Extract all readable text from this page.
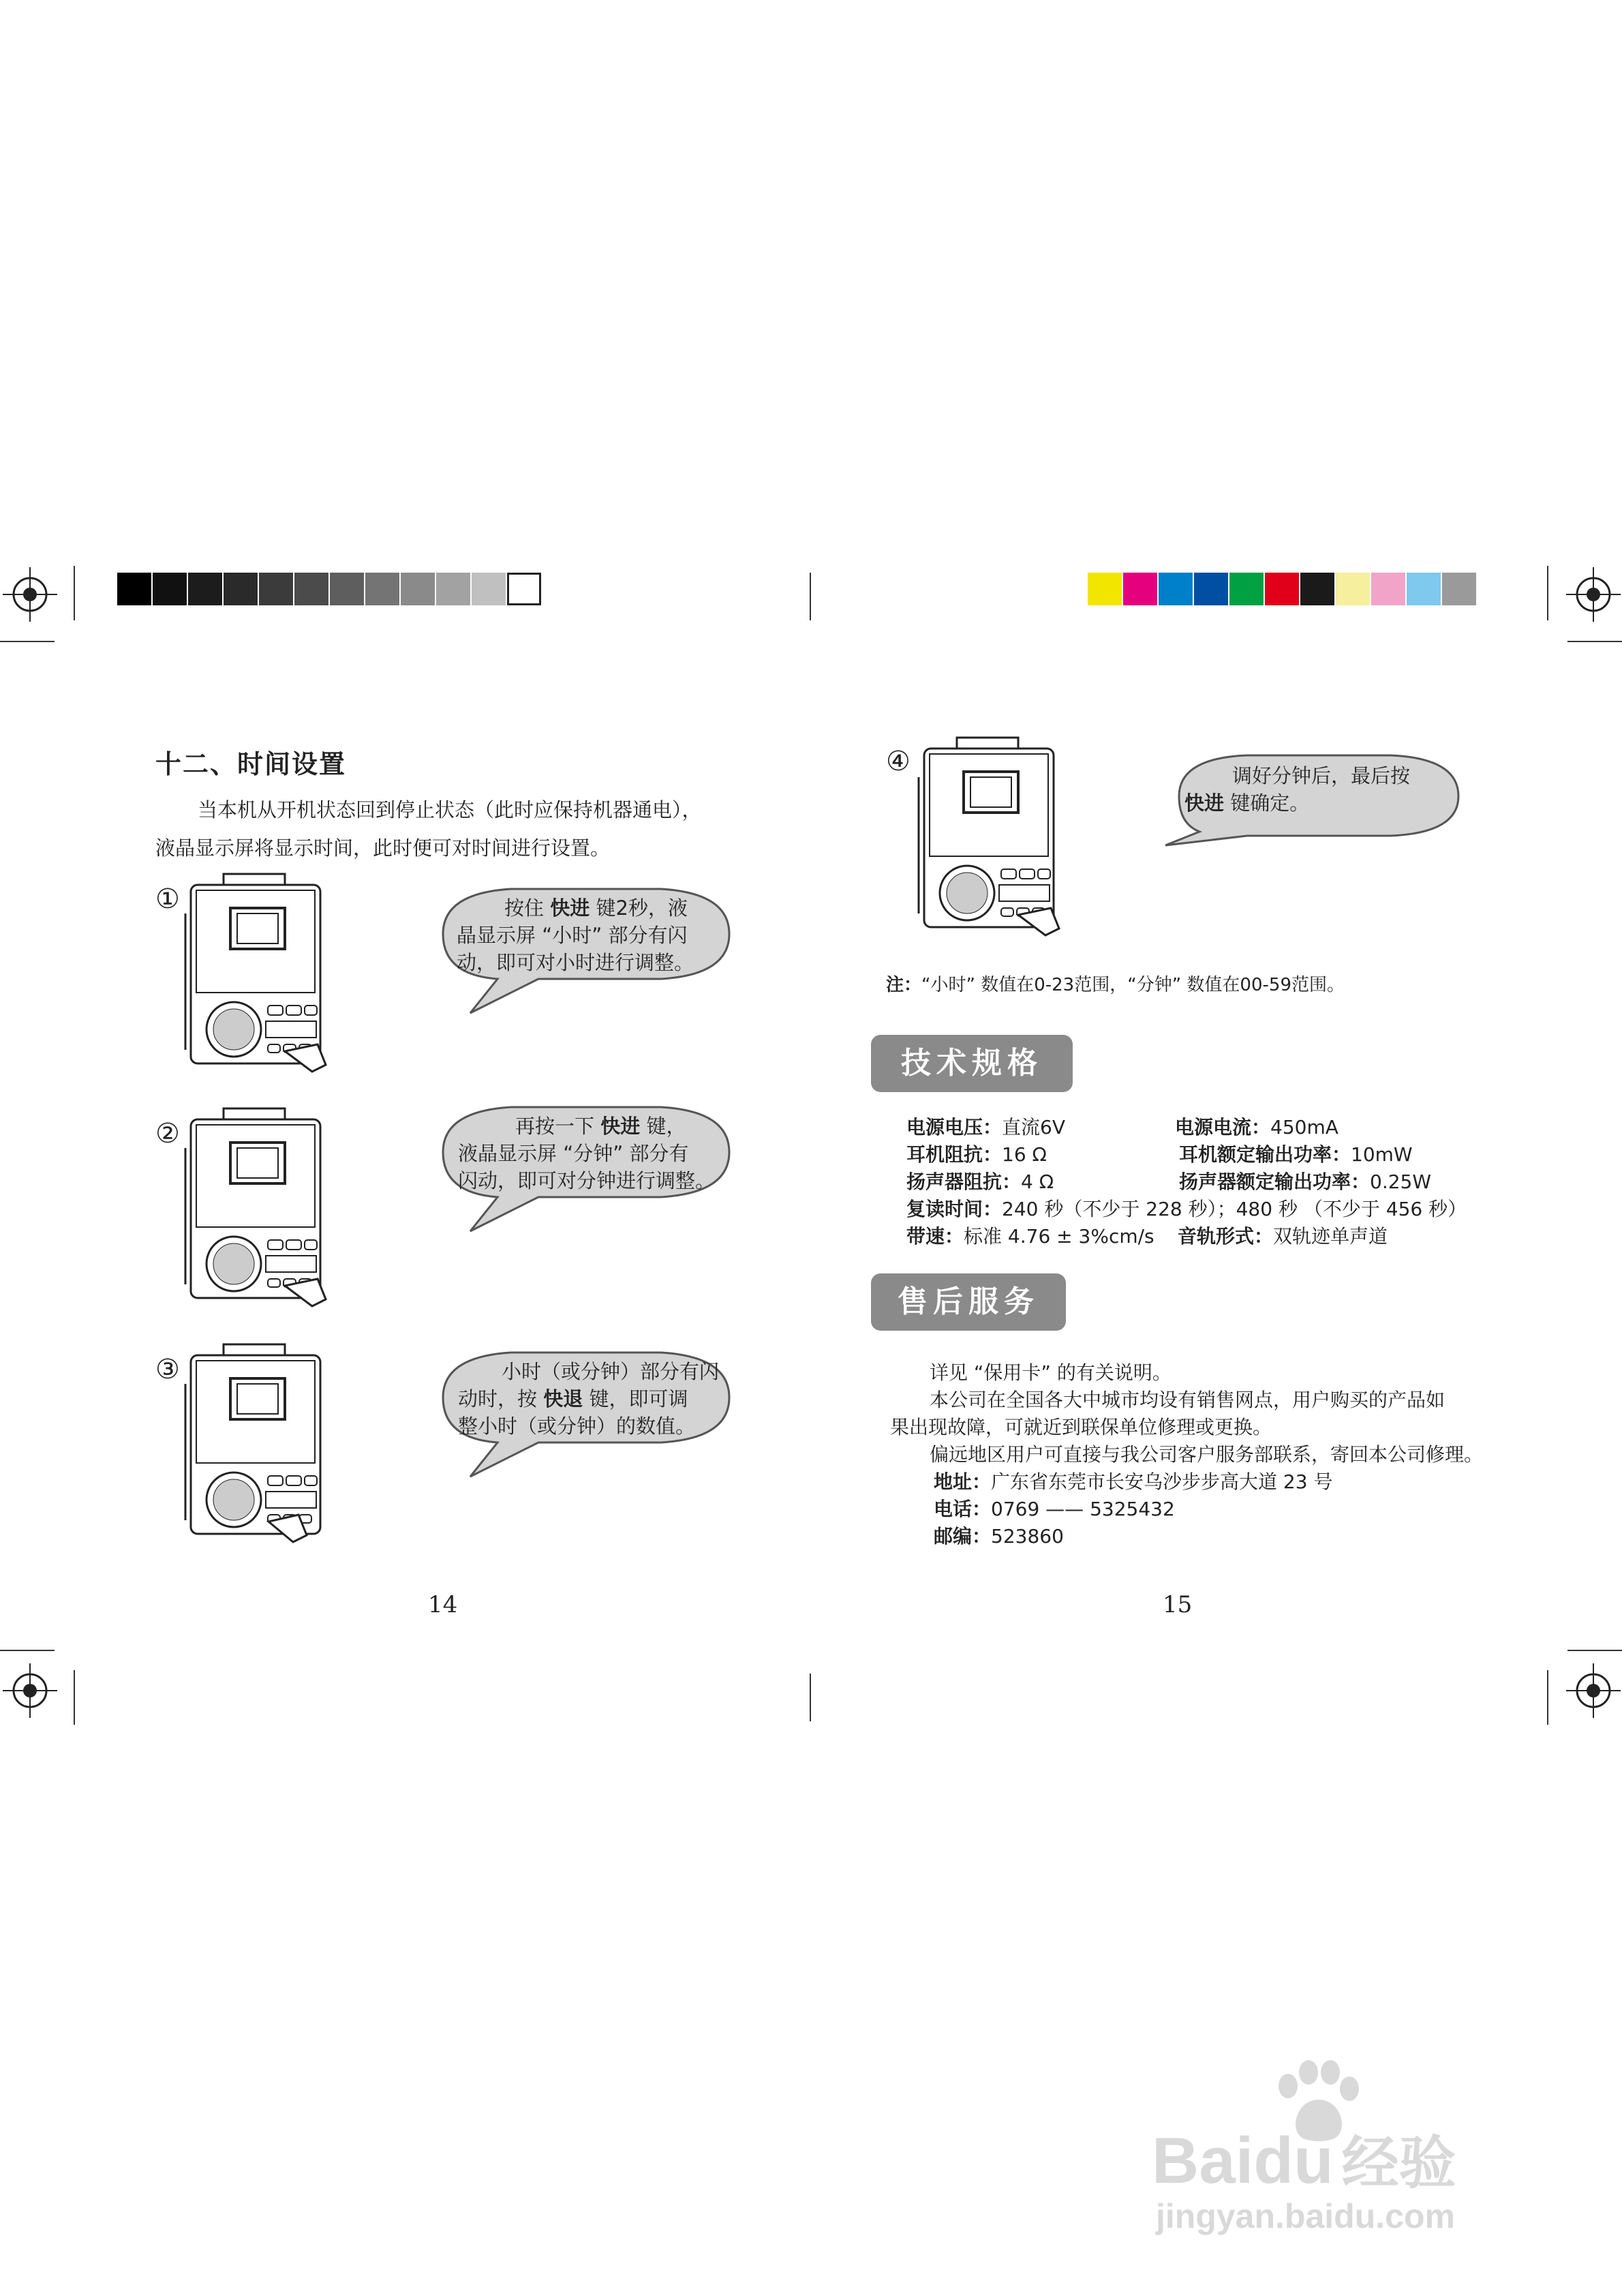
十二、时间设置
当本机从开机状态回到停止状态（此时应保持机器通电），
液晶显示屏将显示时间，此时便可对时间进行设置。
①	按住 快进 键2秒，液
晶显示屏 “小时” 部分有闪
动，即可对小时进行调整。
②	再按一下 快进 键，
液晶显示屏 “分钟” 部分有
闪动，即可对分钟进行调整。
③	小时（或分钟）部分有闪
动时，按 快退 键，即可调
整小时（或分钟）的数值。
14
④	调好分钟后，最后按
快进 键确定。
注：“小时” 数值在0-23范围，“分钟” 数值在00-59范围。
技术规格
电源电压：直流6V	电源电流：450mA
耳机阻抗：16 Ω	耳机额定输出功率：10mW
扬声器阻抗：4 Ω	扬声器额定输出功率：0.25W
复读时间：240 秒（不少于 228 秒）；480 秒 （不少于 456 秒）
带速：标准 4.76 ± 3%cm/s 音轨形式：双轨迹单声道
售后服务
详见 “保用卡” 的有关说明。
本公司在全国各大中城市均设有销售网点，用户购买的产品如
果出现故障，可就近到联保单位修理或更换。
偏远地区用户可直接与我公司客户服务部联系，寄回本公司修理。
地址：广东省东莞市长安乌沙步步高大道 23 号
电话：0769 —— 5325432
邮编：523860
15
Baidu 经验
jingyan.baidu.com
